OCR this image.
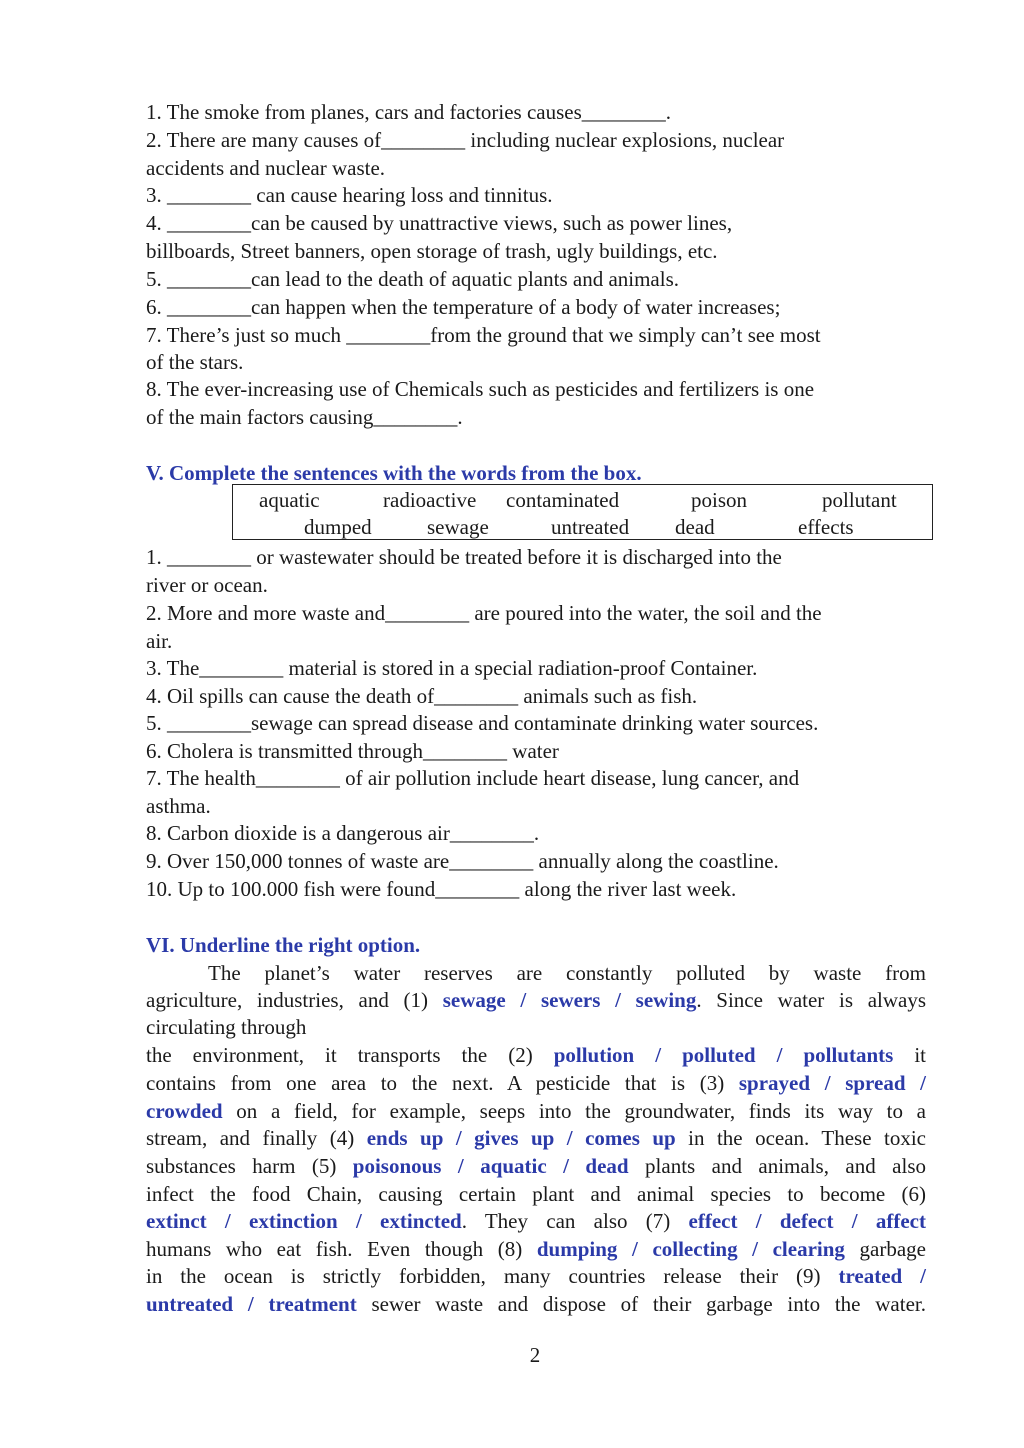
1. The smoke from planes, cars and factories causes________.
2. There are many causes of________ including nuclear explosions, nuclear
accidents and nuclear waste.
3. ________ can cause hearing loss and tinnitus.
4. ________can be caused by unattractive views, such as power lines,
billboards, Street banners, open storage of trash, ugly buildings, etc.
5. ________can lead to the death of aquatic plants and animals.
6. ________can happen when the temperature of a body of water increases;
7. There’s just so much ________from the ground that we simply can’t see most
of the stars.
8. The ever-increasing use of Chemicals such as pesticides and fertilizers is one
of the main factors causing________.
V. Complete the sentences with the words from the box.
aquatic	radioactive contaminated	poison	pollutant
dumped	sewage	untreated dead	effects
1. ________ or wastewater should be treated before it is discharged into the
river or ocean.
2. More and more waste and________ are poured into the water, the soil and the
air.
3. The________ material is stored in a special radiation-proof Container.
4. Oil spills can cause the death of________ animals such as fish.
5. ________sewage can spread disease and contaminate drinking water sources.
6. Cholera is transmitted through________ water
7. The health________ of air pollution include heart disease, lung cancer, and
asthma.
8. Carbon dioxide is a dangerous air________.
9. Over 150,000 tonnes of waste are________ annually along the coastline.
10. Up to 100.000 fish were found________ along the river last week.
VI. Underline the right option.
The planet’s water reserves are constantly polluted by waste from
agriculture, industries, and (1) sewage / sewers / sewing. Since water is always
circulating through
the environment, it transports the (2) pollution / polluted / pollutants it
contains from one area to the next. A pesticide that is (3) sprayed / spread /
crowded on a field, for example, seeps into the groundwater, finds its way to a
stream, and finally (4) ends up / gives up / comes up in the ocean. These toxic
substances harm (5) poisonous / aquatic / dead plants and animals, and also
infect the food Chain, causing certain plant and animal species to become (6)
extinct / extinction / extincted. They can also (7) effect / defect / affect
humans who eat fish. Even though (8) dumping / collecting / clearing garbage
in the ocean is strictly forbidden, many countries release their (9) treated /
untreated / treatment sewer waste and dispose of their garbage into the water.
2
